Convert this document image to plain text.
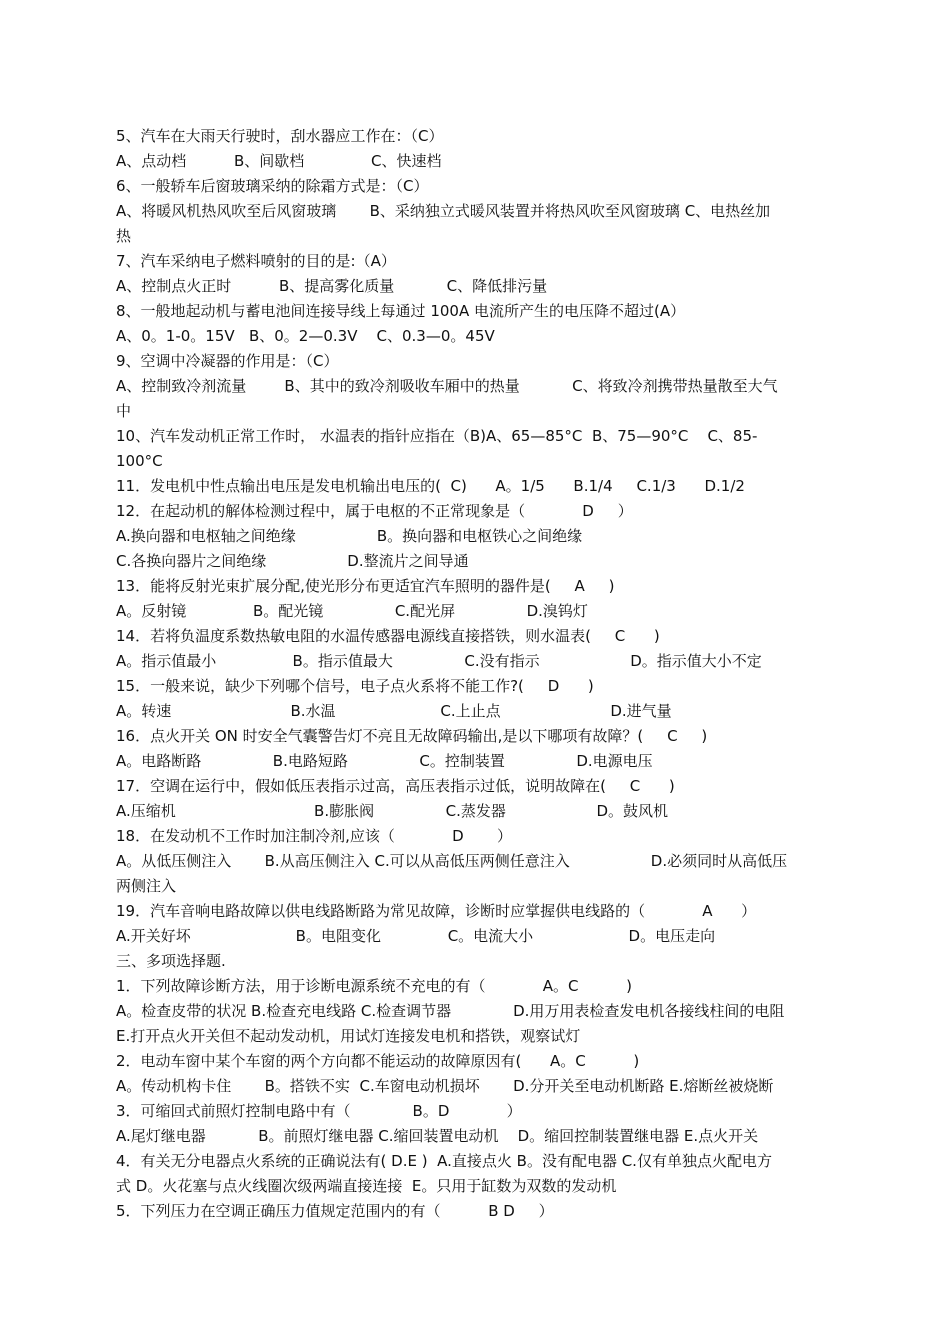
5、汽车在大雨天行驶时，刮水器应工作在：（C）
A、点动档          B、间歇档              C、快速档
6、一般轿车后窗玻璃采纳的除霜方式是：（C）
A、将暖风机热风吹至后风窗玻璃       B、采纳独立式暖风装置并将热风吹至风窗玻璃 C、电热丝加
热
7、汽车采纳电子燃料喷射的目的是:（A）
A、控制点火正时          B、提高雾化质量           C、降低排污量
8、一般地起动机与蓄电池间连接导线上每通过 100A 电流所产生的电压降不超过(A）
A、0。1-0。15V   B、0。2—0.3V    C、0.3—0。45V
9、空调中冷凝器的作用是：（C）
A、控制致冷剂流量        B、其中的致冷剂吸收车厢中的热量           C、将致冷剂携带热量散至大气
中
10、汽车发动机正常工作时， 水温表的指针应指在（B)A、65—85°C  B、75—90°C    C、85-
100°C
11．发电机中性点输出电压是发电机输出电压的(  C)      A。1/5      B.1/4     C.1/3      D.1/2
12．在起动机的解体检测过程中，属于电枢的不正常现象是（            D     ）
A.换向器和电枢轴之间绝缘                 B。换向器和电枢铁心之间绝缘
C.各换向器片之间绝缘                 D.整流片之间导通
13．能将反射光束扩展分配,使光形分布更适宜汽车照明的器件是(     A     )
A。反射镜              B。配光镜               C.配光屏               D.溴钨灯
14．若将负温度系数热敏电阻的水温传感器电源线直接搭铁，则水温表(     C      )
A。指示值最小                B。指示值最大               C.没有指示                   D。指示值大小不定
15．一般来说，缺少下列哪个信号，电子点火系将不能工作?(     D      )
A。转速                         B.水温                      C.上止点                       D.进气量
16．点火开关 ON 时安全气囊警告灯不亮且无故障码输出,是以下哪项有故障？(     C     )
A。电路断路               B.电路短路               C。控制装置               D.电源电压
17．空调在运行中，假如低压表指示过高，高压表指示过低，说明故障在(     C      )
A.压缩机                             B.膨胀阀               C.蒸发器                   D。鼓风机
18．在发动机不工作时加注制冷剂,应该（            D       ）
A。从低压侧注入       B.从高压侧注入 C.可以从高低压两侧任意注入                 D.必须同时从高低压
两侧注入
19．汽车音响电路故障以供电线路断路为常见故障，诊断时应掌握供电线路的（            A      ）
A.开关好坏                      B。电阻变化              C。电流大小                    D。电压走向
三、多项选择题.
1．下列故障诊断方法，用于诊断电源系统不充电的有（            A。C          )
A。检查皮带的状况 B.检查充电线路 C.检查调节器             D.用万用表检查发电机各接线柱间的电阻
E.打开点火开关但不起动发动机，用试灯连接发电机和搭铁，观察试灯
2．电动车窗中某个车窗的两个方向都不能运动的故障原因有(      A。C          )
A。传动机构卡住       B。搭铁不实  C.车窗电动机损坏       D.分开关至电动机断路 E.熔断丝被烧断
3．可缩回式前照灯控制电路中有（             B。D            ）
A.尾灯继电器           B。前照灯继电器 C.缩回装置电动机    D。缩回控制装置继电器 E.点火开关
4．有关无分电器点火系统的正确说法有( D.E )  A.直接点火 B。没有配电器 C.仅有单独点火配电方
式 D。火花塞与点火线圈次级两端直接连接  E。只用于缸数为双数的发动机
5．下列压力在空调正确压力值规定范围内的有（          B D     ）
